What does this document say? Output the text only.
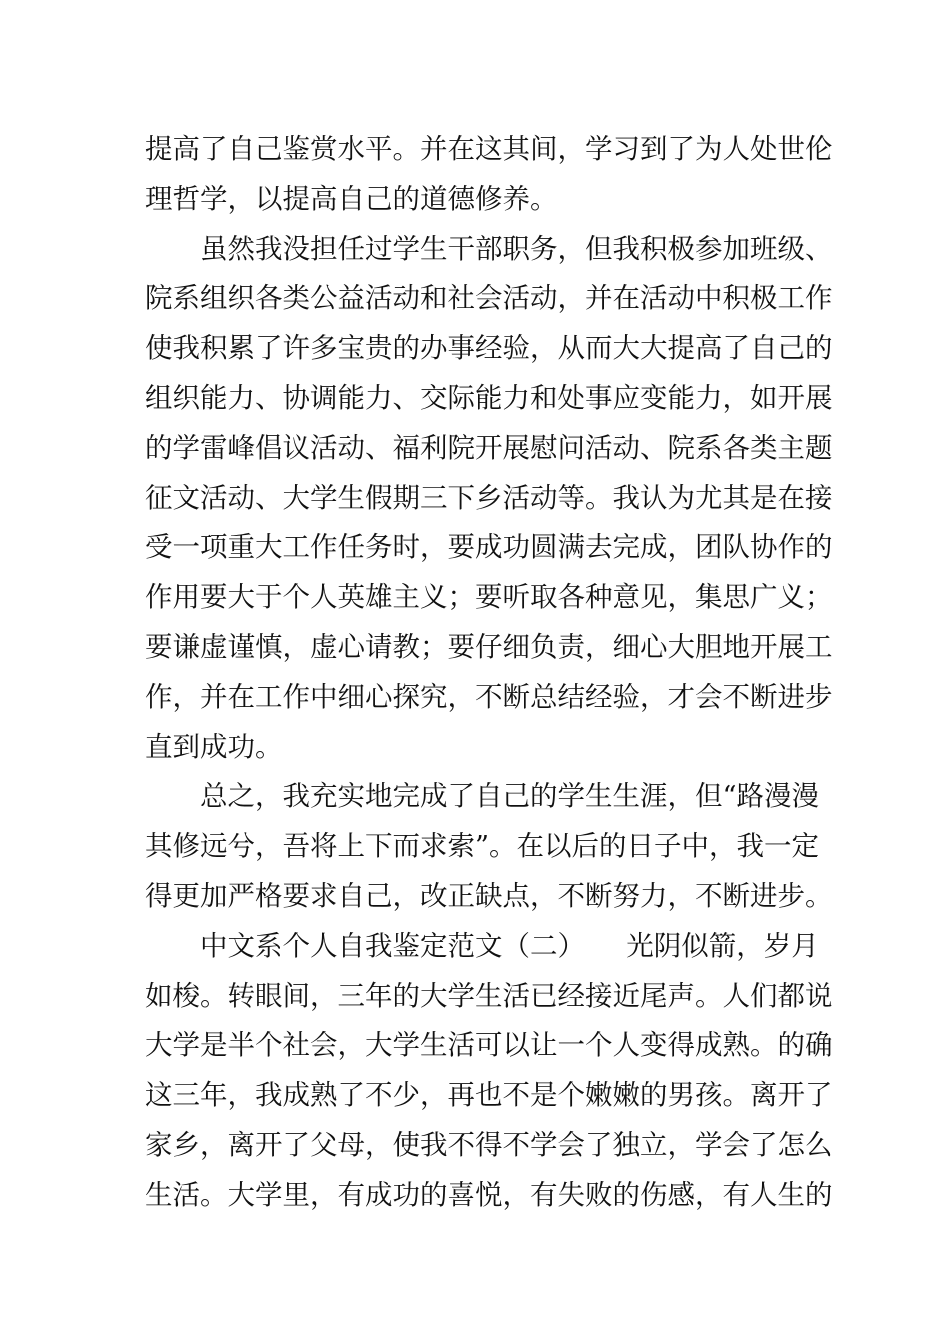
提高了自己鉴赏水平。并在这其间，学习到了为人处世伦
理哲学，以提高自己的道德修养。
　　虽然我没担任过学生干部职务，但我积极参加班级、
院系组织各类公益活动和社会活动，并在活动中积极工作
使我积累了许多宝贵的办事经验，从而大大提高了自己的
组织能力、协调能力、交际能力和处事应变能力，如开展
的学雷峰倡议活动、福利院开展慰问活动、院系各类主题
征文活动、大学生假期三下乡活动等。我认为尤其是在接
受一项重大工作任务时，要成功圆满去完成，团队协作的
作用要大于个人英雄主义；要听取各种意见，集思广义；
要谦虚谨慎，虚心请教；要仔细负责，细心大胆地开展工
作，并在工作中细心探究，不断总结经验，才会不断进步
直到成功。
　　总之，我充实地完成了自己的学生生涯，但“路漫漫
其修远兮，吾将上下而求索”。在以后的日子中，我一定
得更加严格要求自己，改正缺点，不断努力，不断进步。
　　中文系个人自我鉴定范文（二）　　光阴似箭，岁月
如梭。转眼间，三年的大学生活已经接近尾声。人们都说
大学是半个社会，大学生活可以让一个人变得成熟。的确
这三年，我成熟了不少，再也不是个嫩嫩的男孩。离开了
家乡，离开了父母，使我不得不学会了独立，学会了怎么
生活。大学里，有成功的喜悦，有失败的伤感，有人生的
